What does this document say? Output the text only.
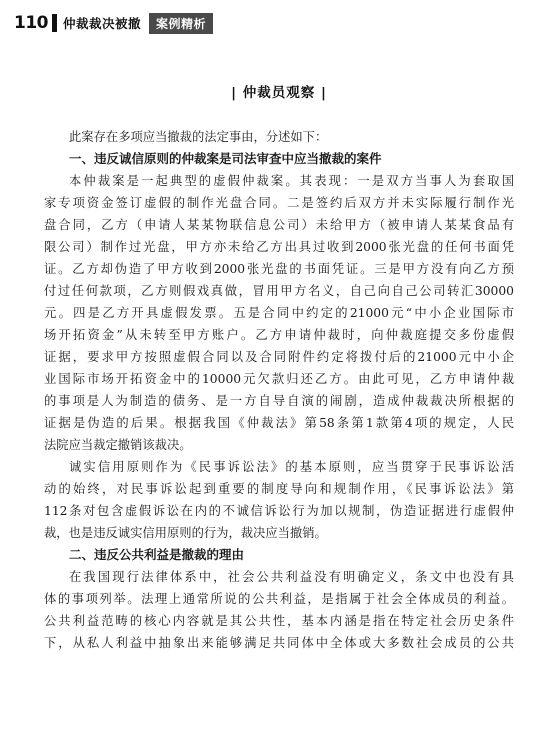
110 仲裁裁决被撤	案例精析
| 仲裁员观察 |
此案存在多项应当撤裁的法定事由，分述如下：
一、违反诚信原则的仲裁案是司法审查中应当撤裁的案件
本仲裁案是一起典型的虚假仲裁案。其表现：一是双方当事人为套取国
家专项资金签订虚假的制作光盘合同。二是签约后双方并未实际履行制作光
盘合同，乙方（申请人某某物联信息公司）未给甲方（被申请人某某食品有
限公司）制作过光盘，甲方亦未给乙方出具过收到2000张光盘的任何书面凭
证。乙方却伪造了甲方收到2000张光盘的书面凭证。三是甲方没有向乙方预
付过任何款项，乙方则假戏真做，冒用甲方名义，自己向自己公司转汇30000
元。四是乙方开具虚假发票。五是合同中约定的21000元“中小企业国际市
场开拓资金”从未转至甲方账户。乙方申请仲裁时，向仲裁庭提交多份虚假
证据，要求甲方按照虚假合同以及合同附件约定将拨付后的21000元中小企
业国际市场开拓资金中的10000元欠款归还乙方。由此可见，乙方申请仲裁
的事项是人为制造的债务、是一方自导自演的闹剧，造成仲裁裁决所根据的
证据是伪造的后果。根据我国《仲裁法》第58条第1款第4项的规定，人民
法院应当裁定撤销该裁决。
诚实信用原则作为《民事诉讼法》的基本原则，应当贯穿于民事诉讼活
动的始终，对民事诉讼起到重要的制度导向和规制作用，《民事诉讼法》第
112条对包含虚假诉讼在内的不诚信诉讼行为加以规制，伪造证据进行虚假仲
裁，也是违反诚实信用原则的行为，裁决应当撤销。
二、违反公共利益是撤裁的理由
在我国现行法律体系中，社会公共利益没有明确定义，条文中也没有具
体的事项列举。法理上通常所说的公共利益，是指属于社会全体成员的利益。
公共利益范畴的核心内容就是其公共性，基本内涵是指在特定社会历史条件
下，从私人利益中抽象出来能够满足共同体中全体或大多数社会成员的公共
